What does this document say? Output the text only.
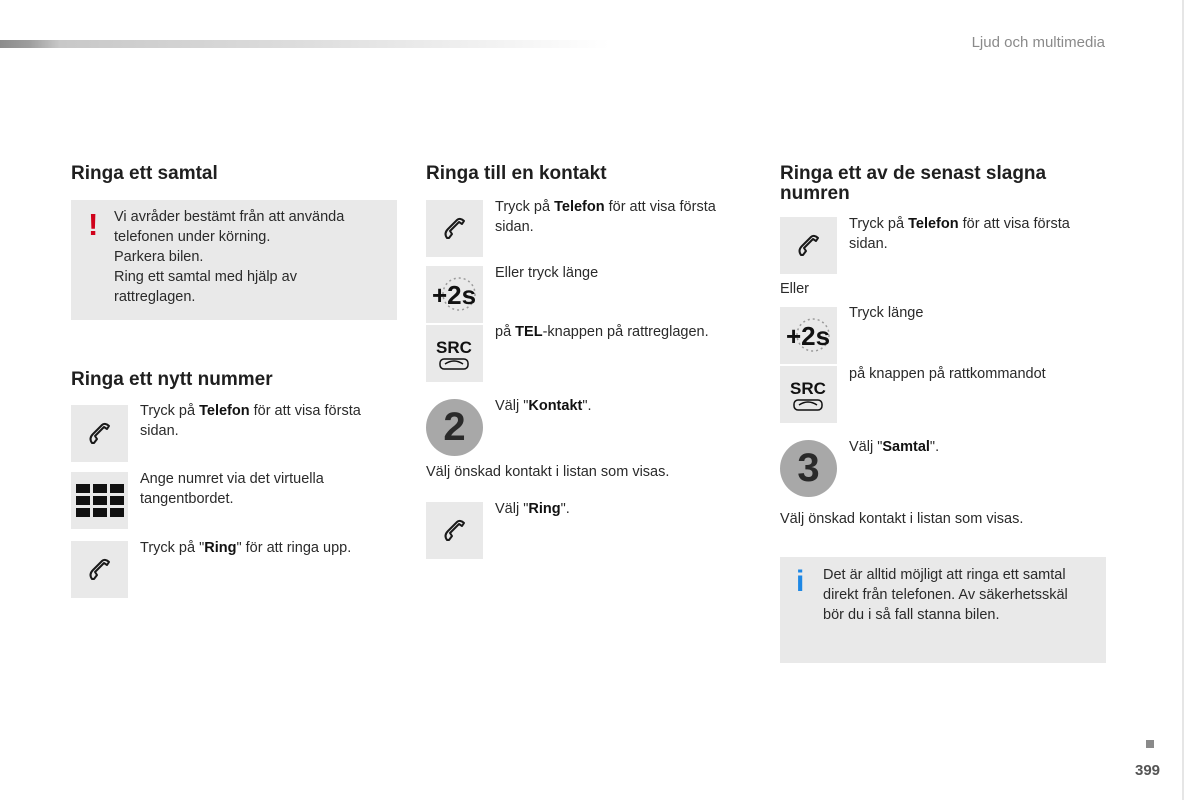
Ljud och multimedia
399
Ringa ett samtal
! Vi avråder bestämt från att använda
telefonen under körning.
Parkera bilen.
Ring ett samtal med hjälp av
rattreglagen.
Ringa ett nytt nummer
Tryck på Telefon för att visa första
sidan.
Ange numret via det virtuella
tangentbordet.
Tryck på "Ring" för att ringa upp.
Ringa till en kontakt
Tryck på Telefon för att visa första
sidan.
+2s
Eller tryck länge
SRC
på TEL-knappen på rattreglagen.
2	Välj "Kontakt".
Välj önskad kontakt i listan som visas.
Välj "Ring".
Ringa ett av de senast slagna
numren
Tryck på Telefon för att visa första
sidan.
Eller
+2s
Tryck länge
SRC
på knappen på rattkommandot
3	Välj "Samtal".
Välj önskad kontakt i listan som visas.
i Det är alltid möjligt att ringa ett samtal
direkt från telefonen. Av säkerhetsskäl
bör du i så fall stanna bilen.
